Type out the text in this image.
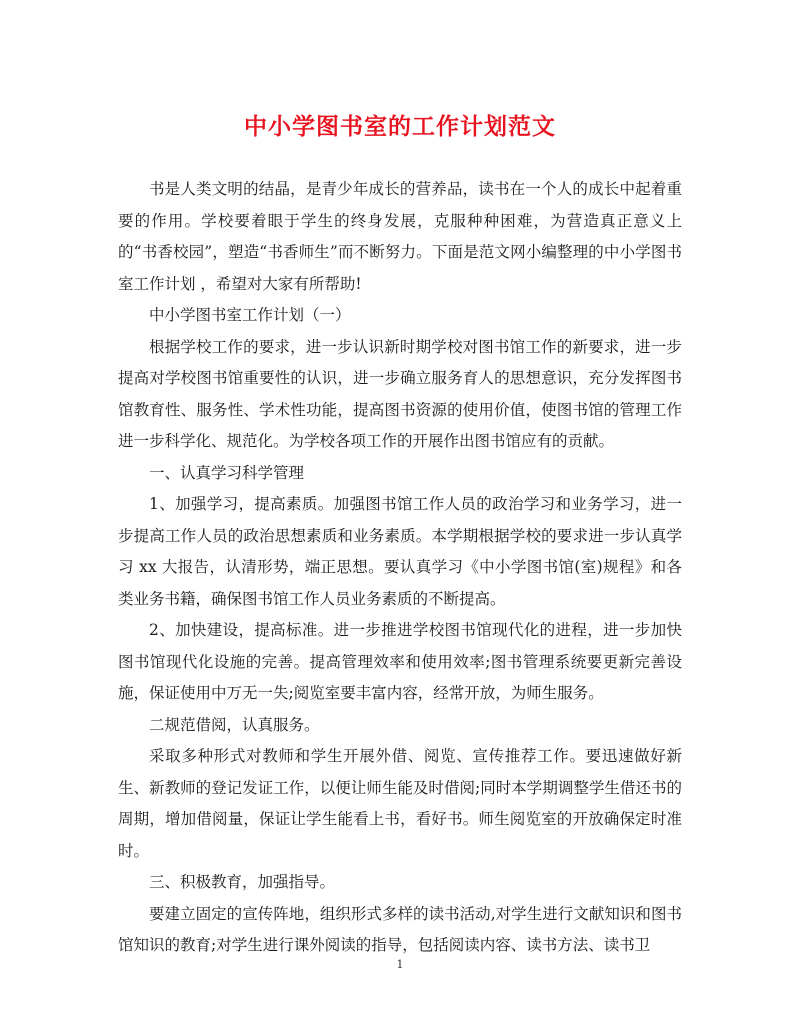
中小学图书室的工作计划范文

书是人类文明的结晶，是青少年成长的营养品，读书在一个人的成长中起着重要的作用。学校要着眼于学生的终身发展，克服种种困难，为营造真正意义上的“书香校园”，塑造“书香师生”而不断努力。下面是范文网小编整理的中小学图书室工作计划 ，希望对大家有所帮助!

中小学图书室工作计划（一）

根据学校工作的要求，进一步认识新时期学校对图书馆工作的新要求，进一步提高对学校图书馆重要性的认识，进一步确立服务育人的思想意识，充分发挥图书馆教育性、服务性、学术性功能，提高图书资源的使用价值，使图书馆的管理工作进一步科学化、规范化。为学校各项工作的开展作出图书馆应有的贡献。

一、认真学习科学管理

1、加强学习，提高素质。加强图书馆工作人员的政治学习和业务学习，进一步提高工作人员的政治思想素质和业务素质。本学期根据学校的要求进一步认真学习 xx 大报告，认清形势，端正思想。要认真学习《中小学图书馆(室)规程》和各类业务书籍，确保图书馆工作人员业务素质的不断提高。

2、加快建设，提高标准。进一步推进学校图书馆现代化的进程，进一步加快图书馆现代化设施的完善。提高管理效率和使用效率;图书管理系统要更新完善设施，保证使用中万无一失;阅览室要丰富内容，经常开放，为师生服务。

二规范借阅，认真服务。

采取多种形式对教师和学生开展外借、阅览、宣传推荐工作。要迅速做好新生、新教师的登记发证工作，以便让师生能及时借阅;同时本学期调整学生借还书的周期，增加借阅量，保证让学生能看上书，看好书。师生阅览室的开放确保定时准时。

三、积极教育，加强指导。

要建立固定的宣传阵地，组织形式多样的读书活动,对学生进行文献知识和图书馆知识的教育;对学生进行课外阅读的指导，包括阅读内容、读书方法、读书卫

1
